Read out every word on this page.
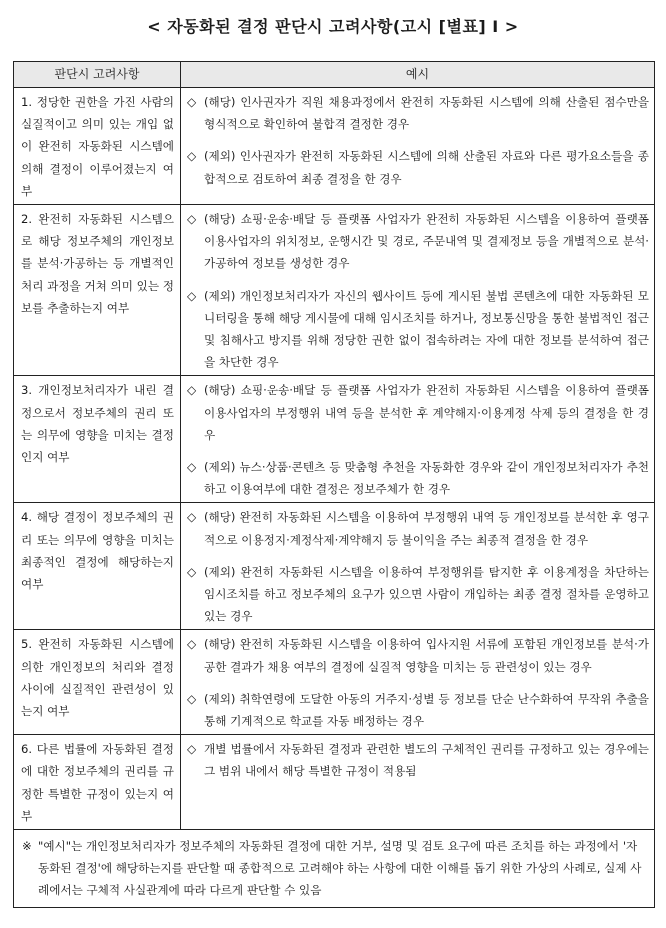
< 자동화된 결정 판단시 고려사항(고시 [별표] Ⅰ >
판단시 고려사항	예시
1. 정당한 권한을 가진 사람의 실질적이고 의미 있는 개입 없이 완전히 자동화된 시스템에 의해 결정이 이루어졌는지 여부	◇ (해당) 인사권자가 직원 채용과정에서 완전히 자동화된 시스템에 의해 산출된 점수만을 형식적으로 확인하여 불합격 결정한 경우
◇ (제외) 인사권자가 완전히 자동화된 시스템에 의해 산출된 자료와 다른 평가요소들을 종합적으로 검토하여 최종 결정을 한 경우

2. 완전히 자동화된 시스템으로 해당 정보주체의 개인정보를 분석·가공하는 등 개별적인 처리 과정을 거쳐 의미 있는 정보를 추출하는지 여부	◇ (해당) 쇼핑·운송·배달 등 플랫폼 사업자가 완전히 자동화된 시스템을 이용하여 플랫폼 이용사업자의 위치정보, 운행시간 및 경로, 주문내역 및 결제정보 등을 개별적으로 분석·가공하여 정보를 생성한 경우
◇ (제외) 개인정보처리자가 자신의 웹사이트 등에 게시된 불법 콘텐츠에 대한 자동화된 모니터링을 통해 해당 게시물에 대해 임시조치를 하거나, 정보통신망을 통한 불법적인 접근 및 침해사고 방지를 위해 정당한 권한 없이 접속하려는 자에 대한 정보를 분석하여 접근을 차단한 경우

3. 개인정보처리자가 내린 결정으로서 정보주체의 권리 또는 의무에 영향을 미치는 결정인지 여부	◇ (해당) 쇼핑·운송·배달 등 플랫폼 사업자가 완전히 자동화된 시스템을 이용하여 플랫폼 이용사업자의 부정행위 내역 등을 분석한 후 계약해지·이용계정 삭제 등의 결정을 한 경우
◇ (제외) 뉴스·상품·콘텐츠 등 맞춤형 추천을 자동화한 경우와 같이 개인정보처리자가 추천하고 이용여부에 대한 결정은 정보주체가 한 경우

4. 해당 결정이 정보주체의 권리 또는 의무에 영향을 미치는 최종적인 결정에 해당하는지 여부	◇ (해당) 완전히 자동화된 시스템을 이용하여 부정행위 내역 등 개인정보를 분석한 후 영구적으로 이용정지·계정삭제·계약해지 등 불이익을 주는 최종적 결정을 한 경우
◇ (제외) 완전히 자동화된 시스템을 이용하여 부정행위를 탐지한 후 이용계정을 차단하는 임시조치를 하고 정보주체의 요구가 있으면 사람이 개입하는 최종 결정 절차를 운영하고 있는 경우

5. 완전히 자동화된 시스템에 의한 개인정보의 처리와 결정 사이에 실질적인 관련성이 있는지 여부	◇ (해당) 완전히 자동화된 시스템을 이용하여 입사지원 서류에 포함된 개인정보를 분석·가공한 결과가 채용 여부의 결정에 실질적 영향을 미치는 등 관련성이 있는 경우
◇ (제외) 취학연령에 도달한 아동의 거주지·성별 등 정보를 단순 난수화하여 무작위 추출을 통해 기계적으로 학교를 자동 배정하는 경우

6. 다른 법률에 자동화된 결정에 대한 정보주체의 권리를 규정한 특별한 규정이 있는지 여부	◇ 개별 법률에서 자동화된 결정과 관련한 별도의 구체적인 권리를 규정하고 있는 경우에는 그 범위 내에서 해당 특별한 규정이 적용됨

※ "예시"는 개인정보처리자가 정보주체의 자동화된 결정에 대한 거부, 설명 및 검토 요구에 따른 조치를 하는 과정에서 '자동화된 결정'에 해당하는지를 판단할 때 종합적으로 고려해야 하는 사항에 대한 이해를 돕기 위한 가상의 사례로, 실제 사례에서는 구체적 사실관계에 따라 다르게 판단할 수 있음	
